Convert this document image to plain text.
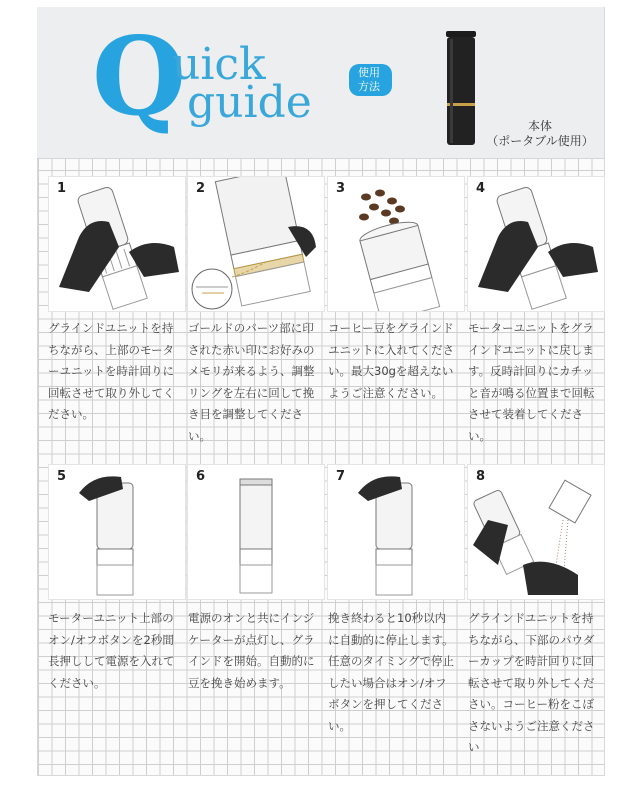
Q
uick
guide
使用方法
本体
（ポータブル使用）
1	2	3	4
グラインドユニットを持ちながら、上部のモーターユニットを時計回りに回転させて取り外してください。
ゴールドのパーツ部に印された赤い印にお好みのメモリが来るよう、調整リングを左右に回して挽き目を調整してください。
コーヒー豆をグラインドユニットに入れてください。最大30gを超えないようご注意ください。
モーターユニットをグラインドユニットに戻します。反時計回りにカチッと音が鳴る位置まで回転させて装着してください。
5	6	7	8
モーターユニット上部のオン/オフボタンを2秒間長押しして電源を入れてください。
電源のオンと共にインジケーターが点灯し、グラインドを開始。自動的に豆を挽き始めます。
挽き終わると10秒以内に自動的に停止します。任意のタイミングで停止したい場合はオン/オフボタンを押してください。
グラインドユニットを持ちながら、下部のパウダーカップを時計回りに回転させて取り外してください。コーヒー粉をこぼさないようご注意ください
